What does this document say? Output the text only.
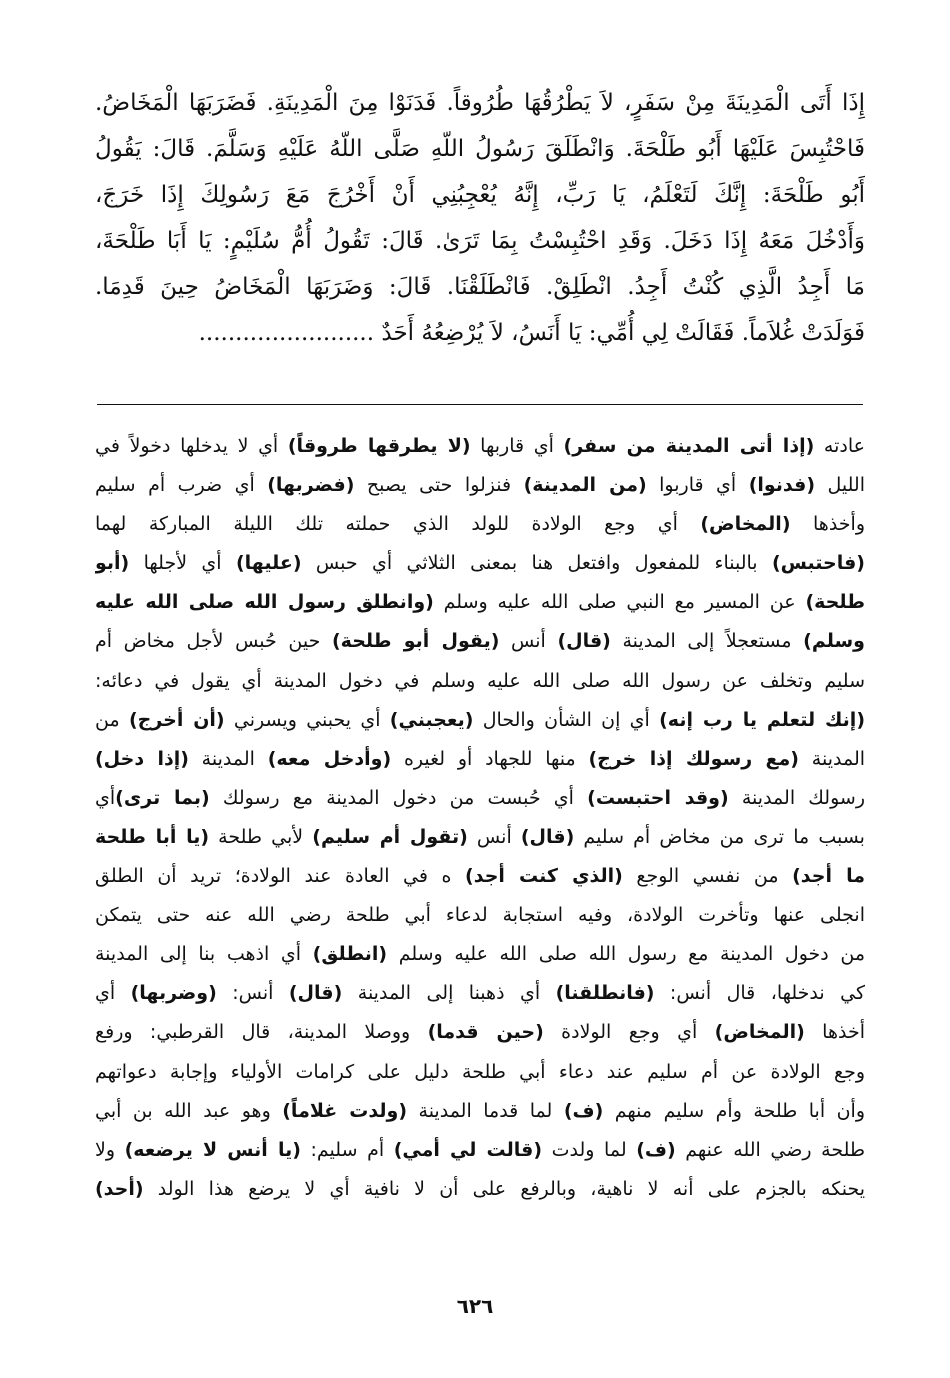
إِذَا أَتَى الْمَدِينَةَ مِنْ سَفَرٍ، لاَ يَطْرُقُهَا طُرُوقاً. فَدَنَوْا مِنَ الْمَدِينَةِ. فَضَرَبَهَا الْمَخَاضُ.
فَاحْتُبِسَ عَلَيْهَا أَبُو طَلْحَةَ. وَانْطَلَقَ رَسُولُ اللّهِ صَلَّى اللّهُ عَلَيْهِ وَسَلَّمَ. قَالَ: يَقُولُ
أَبُو طَلْحَةَ: إِنَّكَ لَتَعْلَمُ، يَا رَبِّ، إِنَّهُ يُعْجِبُنِي أَنْ أَخْرُجَ مَعَ رَسُولِكَ إِذَا خَرَجَ،
وَأَدْخُلَ مَعَهُ إِذَا دَخَلَ. وَقَدِ احْتُبِسْتُ بِمَا تَرَىٰ. قَالَ: تَقُولُ أُمُّ سُلَيْمٍ: يَا أَبَا طَلْحَةَ،
مَا أَجِدُ الَّذِي كُنْتُ أَجِدُ. انْطَلِقْ. فَانْطَلَقْنَا. قَالَ: وَضَرَبَهَا الْمَخَاضُ حِينَ قَدِمَا.
فَوَلَدَتْ غُلاَماً. فَقَالَتْ لِي أُمِّي: يَا أَنَسُ، لاَ يُرْضِعُهُ أَحَدٌ ........................
عادته (إذا أتى المدينة من سفر) أي قاربها (لا يطرقها طروقاً) أي لا يدخلها دخولاً في
الليل (فدنوا) أي قاربوا (من المدينة) فنزلوا حتى يصبح (فضربها) أي ضرب أم سليم
وأخذها (المخاض) أي وجع الولادة للولد الذي حملته تلك الليلة المباركة لهما
(فاحتبس) بالبناء للمفعول وافتعل هنا بمعنى الثلاثي أي حبس (عليها) أي لأجلها (أبو
طلحة) عن المسير مع النبي صلى الله عليه وسلم (وانطلق رسول الله صلى الله عليه
وسلم) مستعجلاً إلى المدينة (قال) أنس (يقول أبو طلحة) حين حُبس لأجل مخاض أم
سليم وتخلف عن رسول الله صلى الله عليه وسلم في دخول المدينة أي يقول في دعائه:
(إنك لتعلم يا رب إنه) أي إن الشأن والحال (يعجبني) أي يحبني ويسرني (أن أخرج) من
المدينة (مع رسولك إذا خرج) منها للجهاد أو لغيره (وأدخل معه) المدينة (إذا دخل)
رسولك المدينة (وقد احتبست) أي حُبست من دخول المدينة مع رسولك (بما ترى)أي
بسبب ما ترى من مخاض أم سليم (قال) أنس (تقول أم سليم) لأبي طلحة (يا أبا طلحة
ما أجد) من نفسي الوجع (الذي كنت أجد) ه في العادة عند الولادة؛ تريد أن الطلق
انجلى عنها وتأخرت الولادة، وفيه استجابة لدعاء أبي طلحة رضي الله عنه حتى يتمكن
من دخول المدينة مع رسول الله صلى الله عليه وسلم (انطلق) أي اذهب بنا إلى المدينة
كي ندخلها، قال أنس: (فانطلقنا) أي ذهبنا إلى المدينة (قال) أنس: (وضربها) أي
أخذها (المخاض) أي وجع الولادة (حين قدما) ووصلا المدينة، قال القرطبي: ورفع
وجع الولادة عن أم سليم عند دعاء أبي طلحة دليل على كرامات الأولياء وإجابة دعواتهم
وأن أبا طلحة وأم سليم منهم (ف) لما قدما المدينة (ولدت غلاماً) وهو عبد الله بن أبي
طلحة رضي الله عنهم (ف) لما ولدت (قالت لي أمي) أم سليم: (يا أنس لا يرضعه) ولا
يحنكه بالجزم على أنه لا ناهية، وبالرفع على أن لا نافية أي لا يرضع هذا الولد (أحد)
٦٢٦
